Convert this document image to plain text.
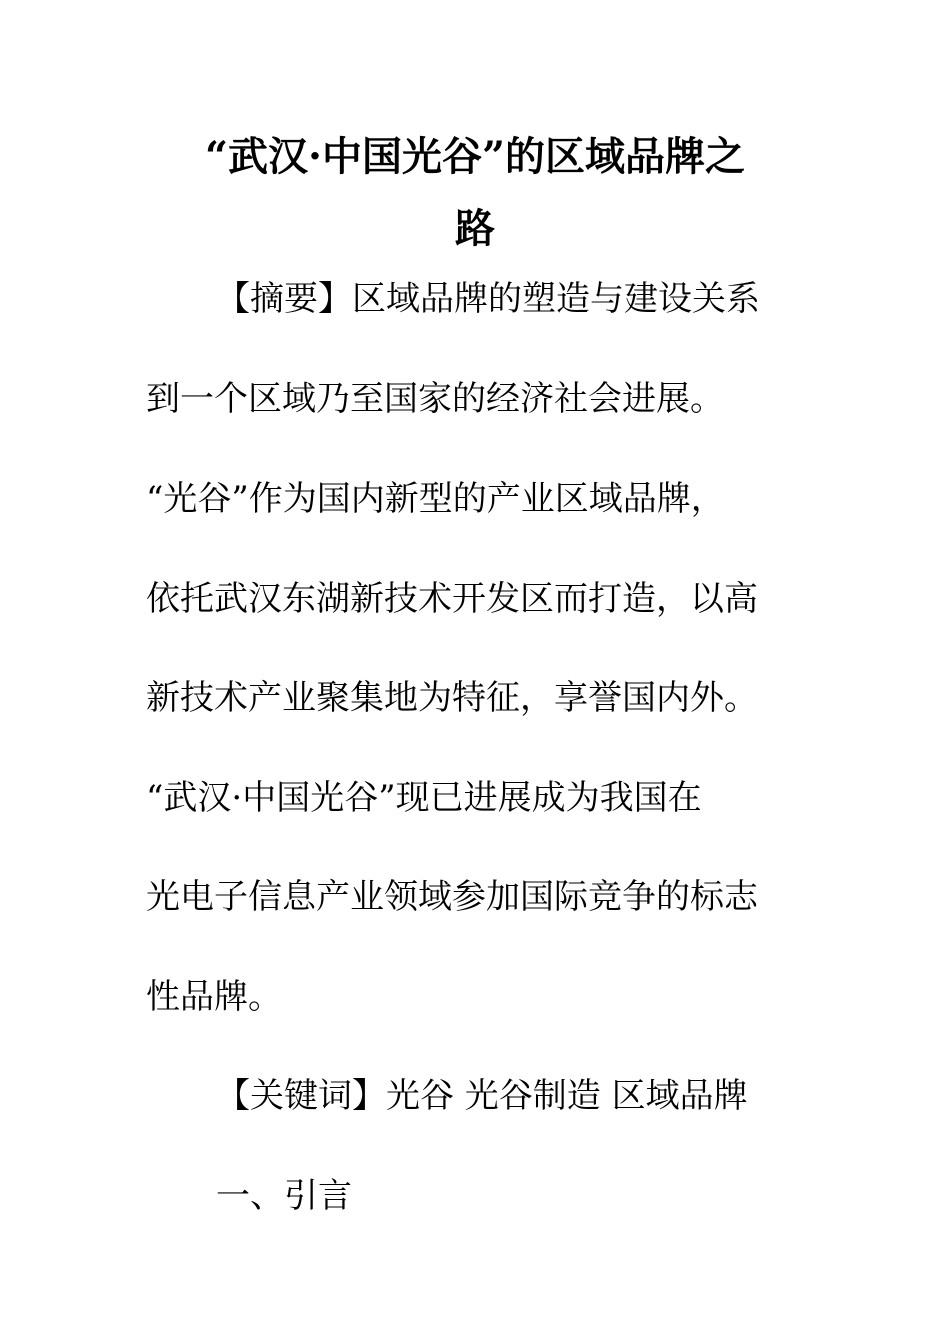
“武汉·中国光谷”的区域品牌之
路
【摘要】区域品牌的塑造与建设关系
到一个区域乃至国家的经济社会进展。
“光谷”作为国内新型的产业区域品牌，
依托武汉东湖新技术开发区而打造，以高
新技术产业聚集地为特征，享誉国内外。
“武汉·中国光谷”现已进展成为我国在
光电子信息产业领域参加国际竞争的标志
性品牌。
【关键词】光谷 光谷制造 区域品牌
一、引言
